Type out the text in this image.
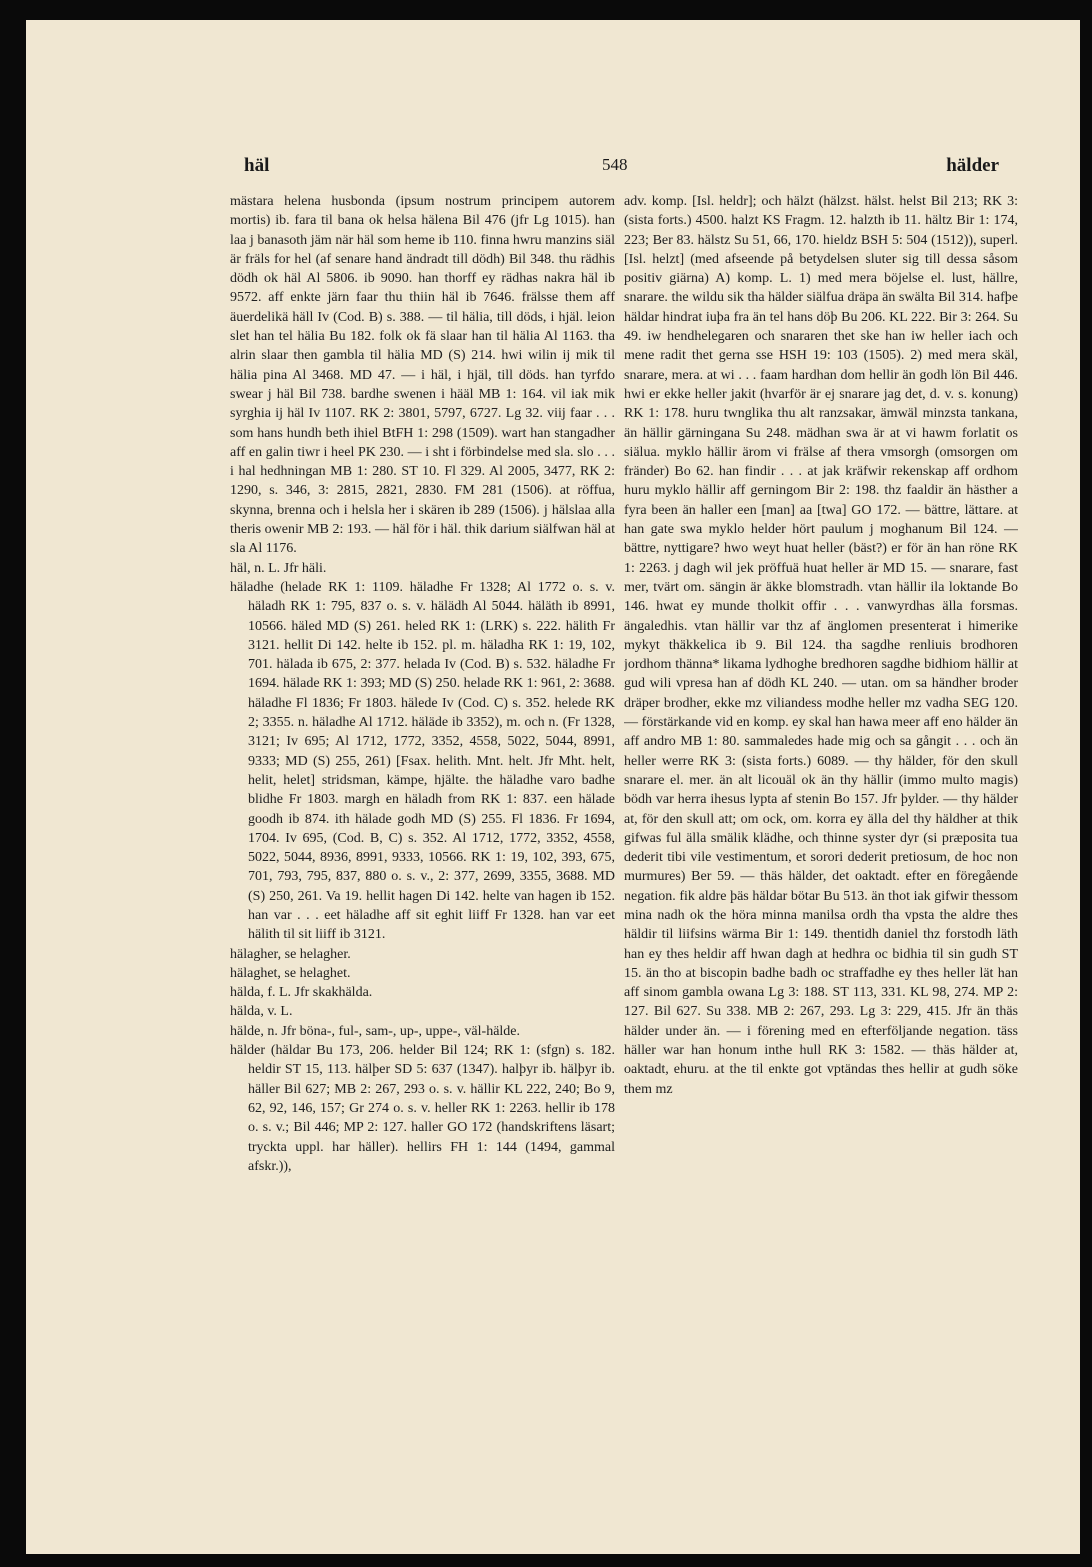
häl	548	hälder

mästara helena husbonda (ipsum nostrum principem autorem mortis) ib. fara til bana ok helsa hälena Bil 476 (jfr Lg 1015). han laa j banasoth jäm när häl som heme ib 110. finna hwru manzins siäl är fräls for hel (af senare hand ändradt till dödh) Bil 348. thu rädhis dödh ok häl Al 5806. ib 9090. han thorff ey rädhas nakra häl ib 9572. aff enkte järn faar thu thiin häl ib 7646. frälsse them aff äuerdelikä häll Iv (Cod. B) s. 388. — til hälia, till döds, i hjäl. leion slet han tel hälia Bu 182. folk ok fä slaar han til hälia Al 1163. tha alrin slaar then gambla til hälia MD (S) 214. hwi wilin ij mik til hälia pina Al 3468. MD 47. — i häl, i hjäl, till döds. han tyrfdo swear j häl Bil 738. bardhe swenen i hääl MB 1: 164. vil iak mik syrghia ij häl Iv 1107. RK 2: 3801, 5797, 6727. Lg 32. viij faar . . . som hans hundh beth ihiel BtFH 1: 298 (1509). wart han stangadher aff en galin tiwr i heel PK 230. — i sht i förbindelse med sla. slo . . . i hal hedhningan MB 1: 280. ST 10. Fl 329. Al 2005, 3477, RK 2: 1290, s. 346, 3: 2815, 2821, 2830. FM 281 (1506). at röffua, skynna, brenna och i helsla her i skären ib 289 (1506). j hälslaa alla theris owenir MB 2: 193. — häl för i häl. thik darium siälfwan häl at sla Al 1176.

häl, n. L. Jfr häli.

häladhe (helade RK 1: 1109. häladhe Fr 1328; Al 1772 o. s. v. häladh RK 1: 795, 837 o. s. v. hälädh Al 5044. häläth ib 8991, 10566. häled MD (S) 261. heled RK 1: (LRK) s. 222. hälith Fr 3121. hellit Di 142. helte ib 152. pl. m. häladha RK 1: 19, 102, 701. hälada ib 675, 2: 377. helada Iv (Cod. B) s. 532. häladhe Fr 1694. hälade RK 1: 393; MD (S) 250. helade RK 1: 961, 2: 3688. häladhe Fl 1836; Fr 1803. hälede Iv (Cod. C) s. 352. helede RK 2; 3355. n. häladhe Al 1712. häläde ib 3352), m. och n. (Fr 1328, 3121; Iv 695; Al 1712, 1772, 3352, 4558, 5022, 5044, 8991, 9333; MD (S) 255, 261) [Fsax. helith. Mnt. helt. Jfr Mht. helt, helit, helet] stridsman, kämpe, hjälte. the häladhe varo badhe blidhe Fr 1803. margh en häladh from RK 1: 837. een hälade goodh ib 874. ith hälade godh MD (S) 255. Fl 1836. Fr 1694, 1704. Iv 695, (Cod. B, C) s. 352. Al 1712, 1772, 3352, 4558, 5022, 5044, 8936, 8991, 9333, 10566. RK 1: 19, 102, 393, 675, 701, 793, 795, 837, 880 o. s. v., 2: 377, 2699, 3355, 3688. MD (S) 250, 261. Va 19. hellit hagen Di 142. helte van hagen ib 152. han var . . . eet häladhe aff sit eghit liiff Fr 1328. han var eet hälith til sit liiff ib 3121.

hälagher, se helagher.

hälaghet, se helaghet.

hälda, f. L. Jfr skakhälda.

hälda, v. L.

hälde, n. Jfr böna-, ful-, sam-, up-, uppe-, väl-hälde.

hälder (häldar Bu 173, 206. helder Bil 124; RK 1: (sfgn) s. 182. heldir ST 15, 113. hälþer SD 5: 637 (1347). halþyr ib. hälþyr ib. häller Bil 627; MB 2: 267, 293 o. s. v. hällir KL 222, 240; Bo 9, 62, 92, 146, 157; Gr 274 o. s. v. heller RK 1: 2263. hellir ib 178 o. s. v.; Bil 446; MP 2: 127. haller GO 172 (handskriftens läsart; tryckta uppl. har häller). hellirs FH 1: 144 (1494, gammal afskr.)),

adv. komp. [Isl. heldr]; och hälzt (hälzst. hälst. helst Bil 213; RK 3: (sista forts.) 4500. halzt KS Fragm. 12. halzth ib 11. hältz Bir 1: 174, 223; Ber 83. hälstz Su 51, 66, 170. hieldz BSH 5: 504 (1512)), superl. [Isl. helzt] (med afseende på betydelsen sluter sig till dessa såsom positiv giärna) A) komp. L. 1) med mera böjelse el. lust, hällre, snarare. the wildu sik tha hälder siälfua dräpa än swälta Bil 314. hafþe häldar hindrat iuþa fra än tel hans döþ Bu 206. KL 222. Bir 3: 264. Su 49. iw hendhelegaren och snararen thet ske han iw heller iach och mene radit thet gerna sse HSH 19: 103 (1505). 2) med mera skäl, snarare, mera. at wi . . . faam hardhan dom hellir än godh lön Bil 446. hwi er ekke heller jakit (hvarför är ej snarare jag det, d. v. s. konung) RK 1: 178. huru twnglika thu alt ranzsakar, ämwäl minzsta tankana, än hällir gärningana Su 248. mädhan swa är at vi hawm forlatit os siälua. myklo hällir ärom vi frälse af thera vmsorgh (omsorgen om fränder) Bo 62. han findir . . . at jak kräfwir rekenskap aff ordhom huru myklo hällir aff gerningom Bir 2: 198. thz faaldir än hästher a fyra been än haller een [man] aa [twa] GO 172. — bättre, lättare. at han gate swa myklo helder hört paulum j moghanum Bil 124. — bättre, nyttigare? hwo weyt huat heller (bäst?) er för än han röne RK 1: 2263. j dagh wil jek pröffuä huat heller är MD 15. — snarare, fast mer, tvärt om. sängin är äkke blomstradh. vtan hällir ila loktande Bo 146. hwat ey munde tholkit offir . . . vanwyrdhas älla forsmas. ängaledhis. vtan hällir var thz af änglomen presenterat i himerike mykyt thäkkelica ib 9. Bil 124. tha sagdhe renliuis brodhoren jordhom thänna* likama lydhoghe bredhoren sagdhe bidhiom hällir at gud wili vpresa han af dödh KL 240. — utan. om sa händher broder dräper brodher, ekke mz viliandess modhe heller mz vadha SEG 120. — förstärkande vid en komp. ey skal han hawa meer aff eno hälder än aff andro MB 1: 80. sammaledes hade mig och sa gångit . . . och än heller werre RK 3: (sista forts.) 6089. — thy hälder, för den skull snarare el. mer. än alt licouäl ok än thy hällir (immo multo magis) bödh var herra ihesus lypta af stenin Bo 157. Jfr þylder. — thy hälder at, för den skull att; om ock, om. korra ey älla del thy häldher at thik gifwas ful älla smälik klädhe, och thinne syster dyr (si præposita tua dederit tibi vile vestimentum, et sorori dederit pretiosum, de hoc non murmures) Ber 59. — thäs hälder, det oaktadt. efter en föregående negation. fik aldre þäs häldar bötar Bu 513. än thot iak gifwir thessom mina nadh ok the höra minna manilsa ordh tha vpsta the aldre thes häldir til liifsins wärma Bir 1: 149. thentidh daniel thz forstodh läth han ey thes heldir aff hwan dagh at hedhra oc bidhia til sin gudh ST 15. än tho at biscopin badhe badh oc straffadhe ey thes heller lät han aff sinom gambla owana Lg 3: 188. ST 113, 331. KL 98, 274. MP 2: 127. Bil 627. Su 338. MB 2: 267, 293. Lg 3: 229, 415. Jfr än thäs hälder under än. — i förening med en efterföljande negation. täss häller war han honum inthe hull RK 3: 1582. — thäs hälder at, oaktadt, ehuru. at the til enkte got vptändas thes hellir at gudh söke them mz
